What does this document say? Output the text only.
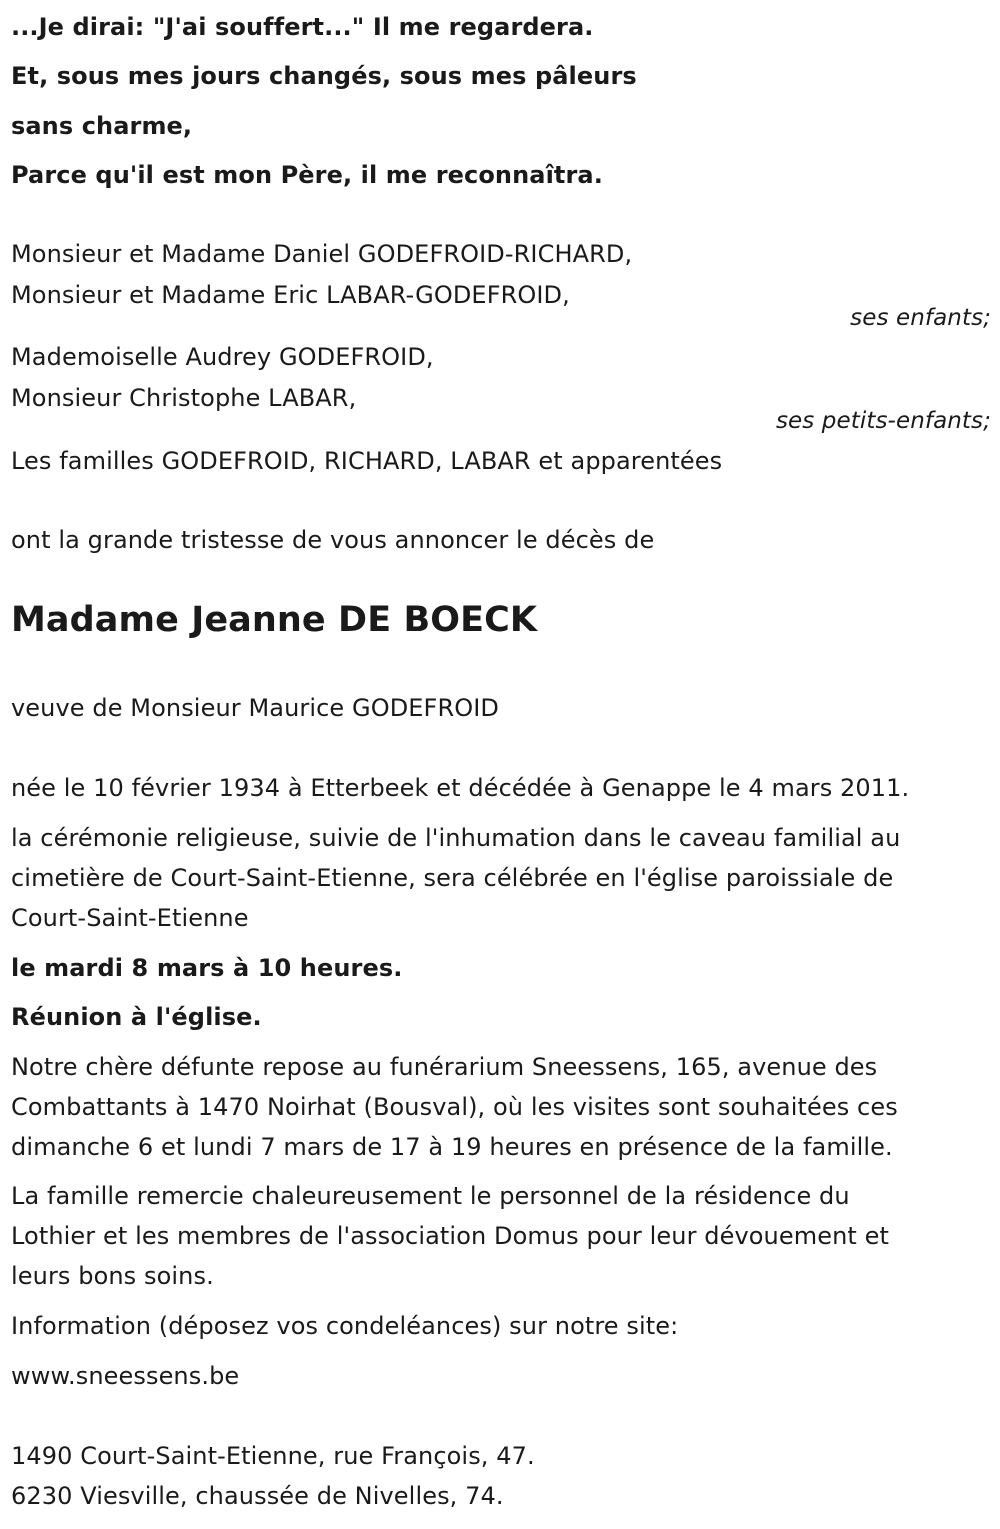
...Je dirai: "J'ai souffert..." Il me regardera.
Et, sous mes jours changés, sous mes pâleurs
sans charme,
Parce qu'il est mon Père, il me reconnaîtra.
Monsieur et Madame Daniel GODEFROID-RICHARD,
Monsieur et Madame Eric LABAR-GODEFROID,
ses enfants;
Mademoiselle Audrey GODEFROID,
Monsieur Christophe LABAR,
ses petits-enfants;
Les familles GODEFROID, RICHARD, LABAR et apparentées
ont la grande tristesse de vous annoncer le décès de
Madame Jeanne DE BOECK
veuve de Monsieur Maurice GODEFROID
née le 10 février 1934 à Etterbeek et décédée à Genappe le 4 mars 2011.
la cérémonie religieuse, suivie de l'inhumation dans le caveau familial au
cimetière de Court-Saint-Etienne, sera célébrée en l'église paroissiale de
Court-Saint-Etienne
le mardi 8 mars à 10 heures.
Réunion à l'église.
Notre chère défunte repose au funérarium Sneessens, 165, avenue des
Combattants à 1470 Noirhat (Bousval), où les visites sont souhaitées ces
dimanche 6 et lundi 7 mars de 17 à 19 heures en présence de la famille.
La famille remercie chaleureusement le personnel de la résidence du
Lothier et les membres de l'association Domus pour leur dévouement et
leurs bons soins.
Information (déposez vos condeléances) sur notre site:
www.sneessens.be
1490 Court-Saint-Etienne, rue François, 47.
6230 Viesville, chaussée de Nivelles, 74.
